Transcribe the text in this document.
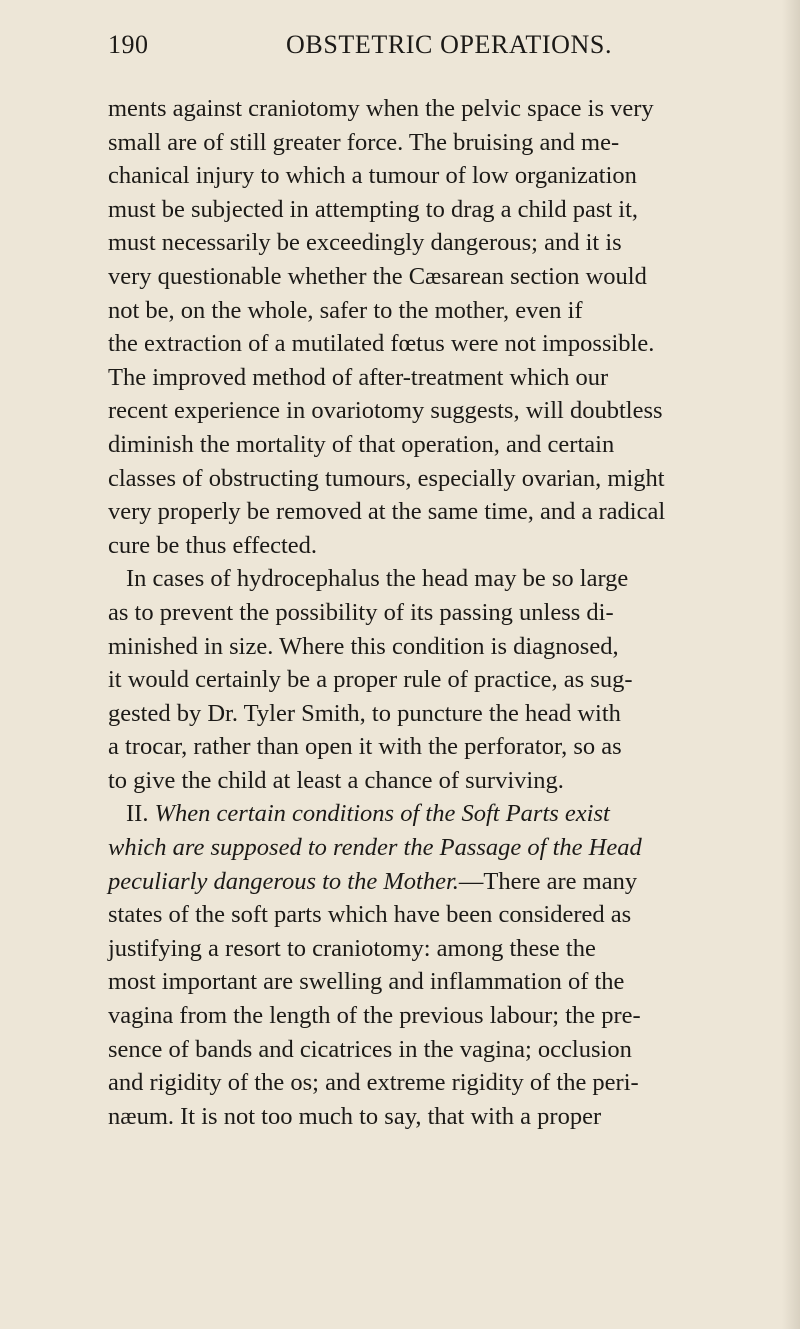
190	OBSTETRIC OPERATIONS.
ments against craniotomy when the pelvic space is very
small are of still greater force. The bruising and me-
chanical injury to which a tumour of low organization
must be subjected in attempting to drag a child past it,
must necessarily be exceedingly dangerous; and it is
very questionable whether the Cæsarean section would
not be, on the whole, safer to the mother, even if
the extraction of a mutilated fœtus were not impossible.
The improved method of after-treatment which our
recent experience in ovariotomy suggests, will doubtless
diminish the mortality of that operation, and certain
classes of obstructing tumours, especially ovarian, might
very properly be removed at the same time, and a radical
cure be thus effected.
In cases of hydrocephalus the head may be so large
as to prevent the possibility of its passing unless di-
minished in size. Where this condition is diagnosed,
it would certainly be a proper rule of practice, as sug-
gested by Dr. Tyler Smith, to puncture the head with
a trocar, rather than open it with the perforator, so as
to give the child at least a chance of surviving.
II. When certain conditions of the Soft Parts exist
which are supposed to render the Passage of the Head
peculiarly dangerous to the Mother.—There are many
states of the soft parts which have been considered as
justifying a resort to craniotomy: among these the
most important are swelling and inflammation of the
vagina from the length of the previous labour; the pre-
sence of bands and cicatrices in the vagina; occlusion
and rigidity of the os; and extreme rigidity of the peri-
næum. It is not too much to say, that with a proper
